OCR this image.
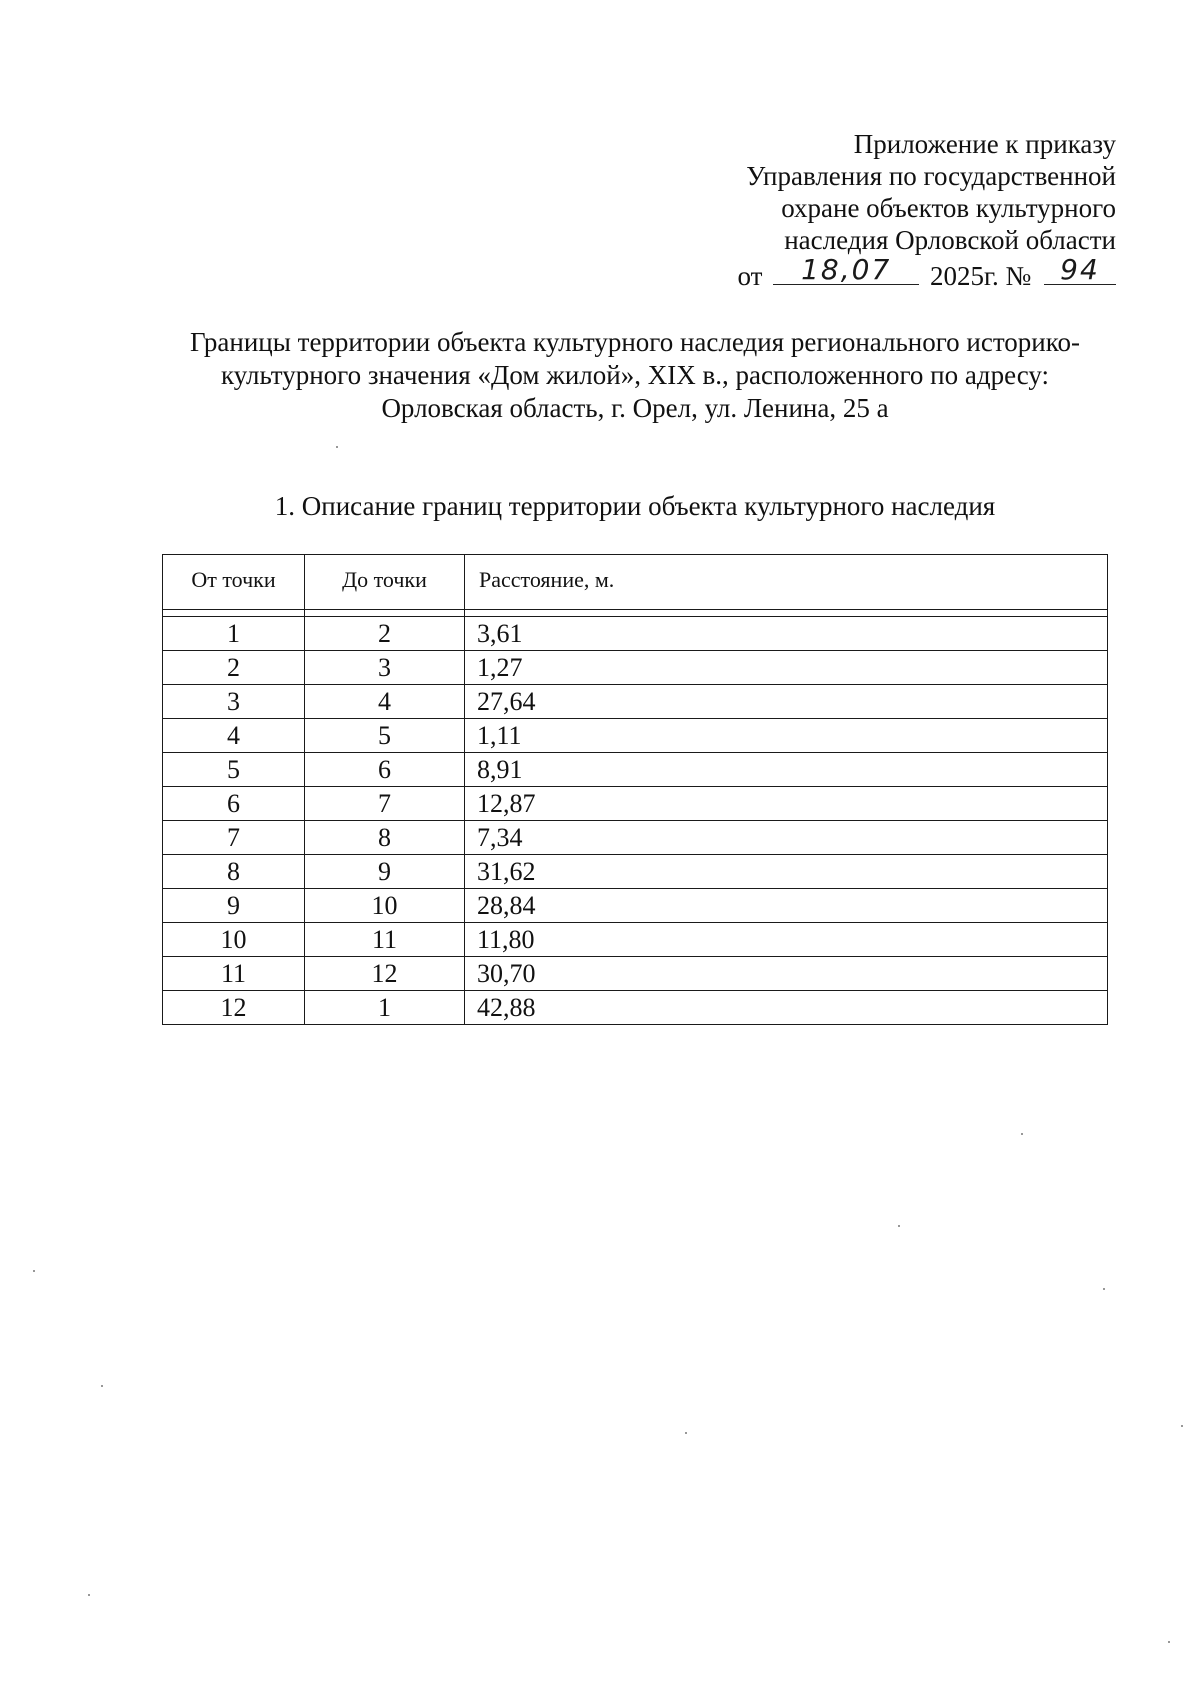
Приложение к приказу
Управления по государственной
охране объектов культурного
наследия Орловской области
от 18,07 2025г. № 94
Границы территории объекта культурного наследия регионального историко-
культурного значения «Дом жилой», XIX в., расположенного по адресу:
Орловская область, г. Орел, ул. Ленина, 25 а
1. Описание границ территории объекта культурного наследия
От точки	До точки	Расстояние, м.

1	2	3,61
2	3	1,27
3	4	27,64
4	5	1,11
5	6	8,91
6	7	12,87
7	8	7,34
8	9	31,62
9	10	28,84
10	11	11,80
11	12	30,70
12	1	42,88
